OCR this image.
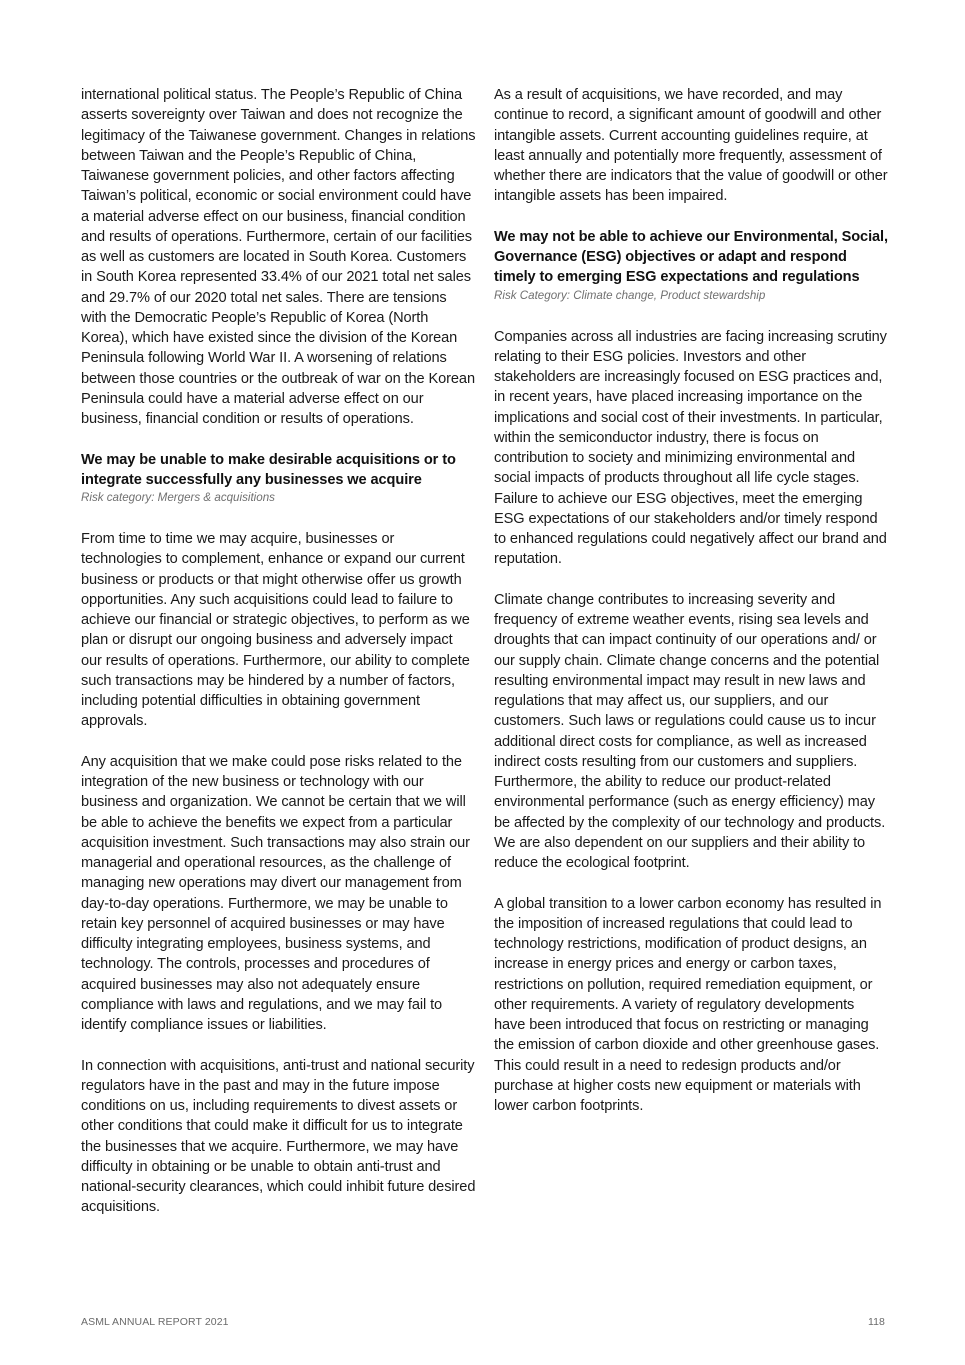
international political status. The People’s Republic of China asserts sovereignty over Taiwan and does not recognize the legitimacy of the Taiwanese government. Changes in relations between Taiwan and the People’s Republic of China, Taiwanese government policies, and other factors affecting Taiwan’s political, economic or social environment could have a material adverse effect on our business, financial condition and results of operations. Furthermore, certain of our facilities as well as customers are located in South Korea. Customers in South Korea represented 33.4% of our 2021 total net sales and 29.7% of our 2020 total net sales. There are tensions with the Democratic People’s Republic of Korea (North Korea), which have existed since the division of the Korean Peninsula following World War II. A worsening of relations between those countries or the outbreak of war on the Korean Peninsula could have a material adverse effect on our business, financial condition or results of operations.

We may be unable to make desirable acquisitions or to integrate successfully any businesses we acquire

Risk category: Mergers & acquisitions

From time to time we may acquire, businesses or technologies to complement, enhance or expand our current business or products or that might otherwise offer us growth opportunities. Any such acquisitions could lead to failure to achieve our financial or strategic objectives, to perform as we plan or disrupt our ongoing business and adversely impact our results of operations. Furthermore, our ability to complete such transactions may be hindered by a number of factors, including potential difficulties in obtaining government approvals.

Any acquisition that we make could pose risks related to the integration of the new business or technology with our business and organization. We cannot be certain that we will be able to achieve the benefits we expect from a particular acquisition investment. Such transactions may also strain our managerial and operational resources, as the challenge of managing new operations may divert our management from day-to-day operations. Furthermore, we may be unable to retain key personnel of acquired businesses or may have difficulty integrating employees, business systems, and technology. The controls, processes and procedures of acquired businesses may also not adequately ensure compliance with laws and regulations, and we may fail to identify compliance issues or liabilities.

In connection with acquisitions, anti-trust and national security regulators have in the past and may in the future impose conditions on us, including requirements to divest assets or other conditions that could make it difficult for us to integrate the businesses that we acquire. Furthermore, we may have difficulty in obtaining or be unable to obtain anti-trust and national-security clearances, which could inhibit future desired acquisitions.

As a result of acquisitions, we have recorded, and may continue to record, a significant amount of goodwill and other intangible assets. Current accounting guidelines require, at least annually and potentially more frequently, assessment of whether there are indicators that the value of goodwill or other intangible assets has been impaired.

We may not be able to achieve our Environmental, Social, Governance (ESG) objectives or adapt and respond timely to emerging ESG expectations and regulations

Risk Category: Climate change, Product stewardship

Companies across all industries are facing increasing scrutiny relating to their ESG policies. Investors and other stakeholders are increasingly focused on ESG practices and, in recent years, have placed increasing importance on the implications and social cost of their investments. In particular, within the semiconductor industry, there is focus on contribution to society and minimizing environmental and social impacts of products throughout all life cycle stages. Failure to achieve our ESG objectives, meet the emerging ESG expectations of our stakeholders and/or timely respond to enhanced regulations could negatively affect our brand and reputation.

Climate change contributes to increasing severity and frequency of extreme weather events, rising sea levels and droughts that can impact continuity of our operations and/ or our supply chain. Climate change concerns and the potential resulting environmental impact may result in new laws and regulations that may affect us, our suppliers, and our customers. Such laws or regulations could cause us to incur additional direct costs for compliance, as well as increased indirect costs resulting from our customers and suppliers. Furthermore, the ability to reduce our product-related environmental performance (such as energy efficiency) may be affected by the complexity of our technology and products. We are also dependent on our suppliers and their ability to reduce the ecological footprint.

A global transition to a lower carbon economy has resulted in the imposition of increased regulations that could lead to technology restrictions, modification of product designs, an increase in energy prices and energy or carbon taxes, restrictions on pollution, required remediation equipment, or other requirements. A variety of regulatory developments have been introduced that focus on restricting or managing the emission of carbon dioxide and other greenhouse gases. This could result in a need to redesign products and/or purchase at higher costs new equipment or materials with lower carbon footprints.

ASML ANNUAL REPORT 2021	118
